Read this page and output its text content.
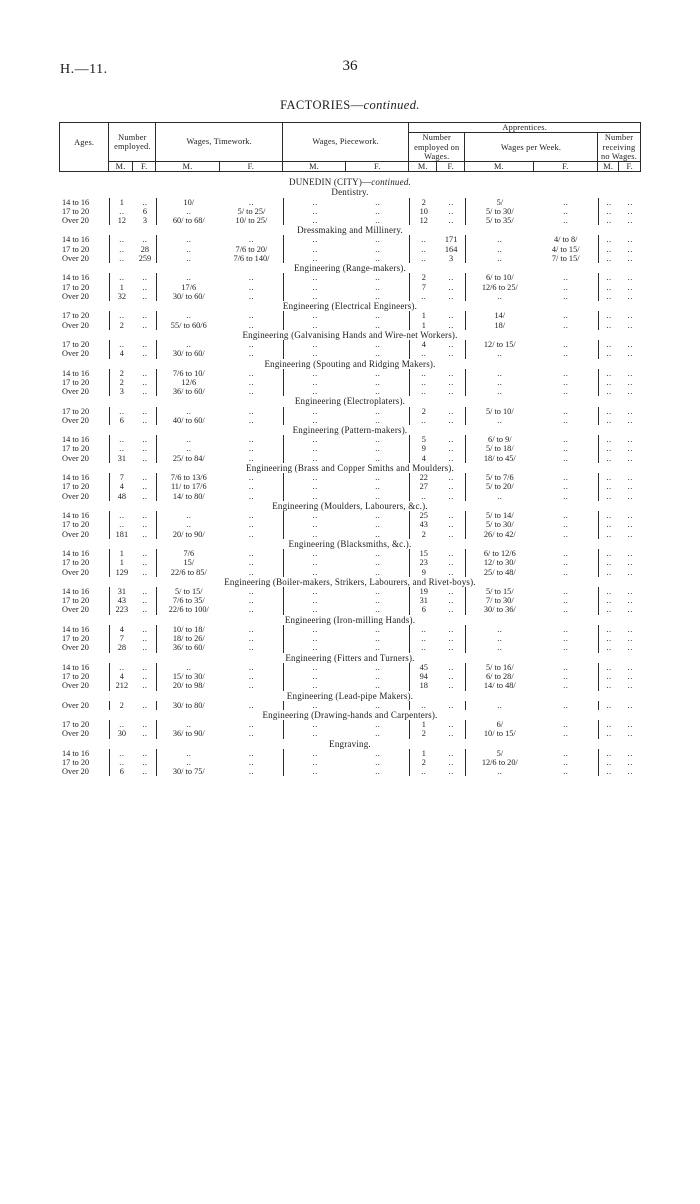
H.—11.	36
FACTORIES—continued.
Ages.	Number employed.		Wages, Timework.		Wages, Piecework.		Apprentices.					
							Number employed on Wages.		Wages per Week.		Number receiving no Wages.	
	M.	F.	M.	F.	M.	F.	M.	F.	M.	F.	M.	F.
DUNEDIN (CITY)—continued.												
Dentistry.												
14 to 16	1	..	10/	..	..	..	2	..	5/	..	..	..
17 to 20	..	6	..	5/ to 25/	..	..	10	..	5/ to 30/	..	..	..
Over 20	12	3	60/ to 68/	10/ to 25/	..	..	12	..	5/ to 35/	..	..	..
Dressmaking and Millinery.												
14 to 16	..	..	..	..	..	..	..	171	..	4/ to 8/	..	..
17 to 20	..	28	..	7/6 to 20/	..	..	..	164	..	4/ to 15/	..	..
Over 20	..	259	..	7/6 to 140/	..	..	..	3	..	7/ to 15/	..	..
Engineering (Range-makers).												
14 to 16	..	..	..	..	..	..	2	..	6/ to 10/	..	..	..
17 to 20	1	..	17/6	..	..	..	7	..	12/6 to 25/	..	..	..
Over 20	32	..	30/ to 60/	..	..	..	..	..	..	..	..	..
Engineering (Electrical Engineers).												
17 to 20	..	..	..	..	..	..	1	..	14/	..	..	..
Over 20	2	..	55/ to 60/6	..	..	..	1	..	18/	..	..	..
Engineering (Galvanising Hands and Wire-net Workers).												
17 to 20	..	..	..	..	..	..	4	..	12/ to 15/	..	..	..
Over 20	4	..	30/ to 60/	..	..	..	..	..	..	..	..	..
Engineering (Spouting and Ridging Makers).												
14 to 16	2	..	7/6 to 10/	..	..	..	..	..	..	..	..	..
17 to 20	2	..	12/6	..	..	..	..	..	..	..	..	..
Over 20	3	..	36/ to 60/	..	..	..	..	..	..	..	..	..
Engineering (Electroplaters).												
17 to 20	..	..	..	..	..	..	2	..	5/ to 10/	..	..	..
Over 20	6	..	40/ to 60/	..	..	..	..	..	..	..	..	..
Engineering (Pattern-makers).												
14 to 16	..	..	..	..	..	..	5	..	6/ to 9/	..	..	..
17 to 20	..	..	..	..	..	..	9	..	5/ to 18/	..	..	..
Over 20	31	..	25/ to 84/	..	..	..	4	..	18/ to 45/	..	..	..
Engineering (Brass and Copper Smiths and Moulders).												
14 to 16	7	..	7/6 to 13/6	..	..	..	22	..	5/ to 7/6	..	..	..
17 to 20	4	..	11/ to 17/6	..	..	..	27	..	5/ to 20/	..	..	..
Over 20	48	..	14/ to 80/	..	..	..	..	..	..	..	..	..
Engineering (Moulders, Labourers, &c.).												
14 to 16	..	..	..	..	..	..	25	..	5/ to 14/	..	..	..
17 to 20	..	..	..	..	..	..	43	..	5/ to 30/	..	..	..
Over 20	181	..	20/ to 90/	..	..	..	2	..	26/ to 42/	..	..	..
Engineering (Blacksmiths, &c.).												
14 to 16	1	..	7/6	..	..	..	15	..	6/ to 12/6	..	..	..
17 to 20	1	..	15/	..	..	..	23	..	12/ to 30/	..	..	..
Over 20	129	..	22/6 to 85/	..	..	..	9	..	25/ to 48/	..	..	..
Engineering (Boiler-makers, Strikers, Labourers, and Rivet-boys).												
14 to 16	31	..	5/ to 15/	..	..	..	19	..	5/ to 15/	..	..	..
17 to 20	43	..	7/6 to 35/	..	..	..	31	..	7/ to 30/	..	..	..
Over 20	223	..	22/6 to 100/	..	..	..	6	..	30/ to 36/	..	..	..
Engineering (Iron-milling Hands).												
14 to 16	4	..	10/ to 18/	..	..	..	..	..	..	..	..	..
17 to 20	7	..	18/ to 26/	..	..	..	..	..	..	..	..	..
Over 20	28	..	36/ to 60/	..	..	..	..	..	..	..	..	..
Engineering (Fitters and Turners).												
14 to 16	..	..	..	..	..	..	45	..	5/ to 16/	..	..	..
17 to 20	4	..	15/ to 30/	..	..	..	94	..	6/ to 28/	..	..	..
Over 20	212	..	20/ to 98/	..	..	..	18	..	14/ to 48/	..	..	..
Engineering (Lead-pipe Makers).												
Over 20	2	..	30/ to 80/	..	..	..	..	..	..	..	..	..
Engineering (Drawing-hands and Carpenters).												
17 to 20	..	..	..	..	..	..	1	..	6/	..	..	..
Over 20	30	..	36/ to 90/	..	..	..	2	..	10/ to 15/	..	..	..
Engraving.												
14 to 16	..	..	..	..	..	..	1	..	5/	..	..	..
17 to 20	..	..	..	..	..	..	2	..	12/6 to 20/	..	..	..
Over 20	6	..	30/ to 75/	..	..	..	..	..	..	..	..	..
